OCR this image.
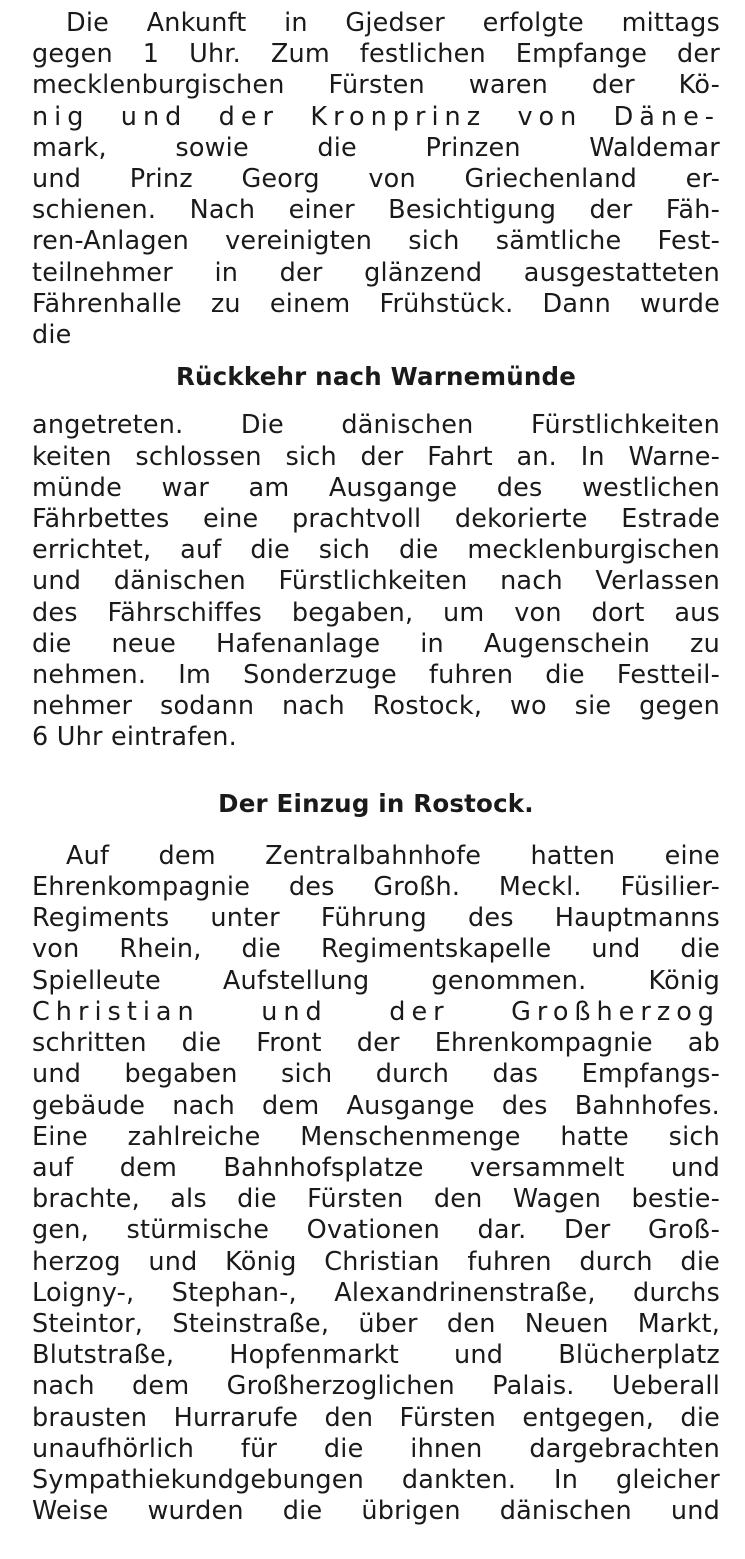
Die Ankunft in Gjedser erfolgte mittags
gegen 1 Uhr. Zum festlichen Empfange der
mecklenburgischen Fürsten waren der Kö-
nig und der Kronprinz von Däne-
mark, sowie die Prinzen Waldemar
und Prinz Georg von Griechenland er-
schienen. Nach einer Besichtigung der Fäh-
ren-Anlagen vereinigten sich sämtliche Fest-
teilnehmer in der glänzend ausgestatteten
Fährenhalle zu einem Frühstück. Dann wurde
die
Rückkehr nach Warnemünde
angetreten. Die dänischen Fürstlichkeiten
keiten schlossen sich der Fahrt an. In Warne-
münde war am Ausgange des westlichen
Fährbettes eine prachtvoll dekorierte Estrade
errichtet, auf die sich die mecklenburgischen
und dänischen Fürstlichkeiten nach Verlassen
des Fährschiffes begaben, um von dort aus
die neue Hafenanlage in Augenschein zu
nehmen. Im Sonderzuge fuhren die Festteil-
nehmer sodann nach Rostock, wo sie gegen
6 Uhr eintrafen.
Der Einzug in Rostock.
Auf dem Zentralbahnhofe hatten eine
Ehrenkompagnie des Großh. Meckl. Füsilier-
Regiments unter Führung des Hauptmanns
von Rhein, die Regimentskapelle und die
Spielleute Aufstellung genommen. König
Christian und der Großherzog
schritten die Front der Ehrenkompagnie ab
und begaben sich durch das Empfangs-
gebäude nach dem Ausgange des Bahnhofes.
Eine zahlreiche Menschenmenge hatte sich
auf dem Bahnhofsplatze versammelt und
brachte, als die Fürsten den Wagen bestie-
gen, stürmische Ovationen dar. Der Groß-
herzog und König Christian fuhren durch die
Loigny-, Stephan-, Alexandrinenstraße, durchs
Steintor, Steinstraße, über den Neuen Markt,
Blutstraße, Hopfenmarkt und Blücherplatz
nach dem Großherzoglichen Palais. Ueberall
brausten Hurrarufe den Fürsten entgegen, die
unaufhörlich für die ihnen dargebrachten
Sympathiekundgebungen dankten. In gleicher
Weise wurden die übrigen dänischen und
